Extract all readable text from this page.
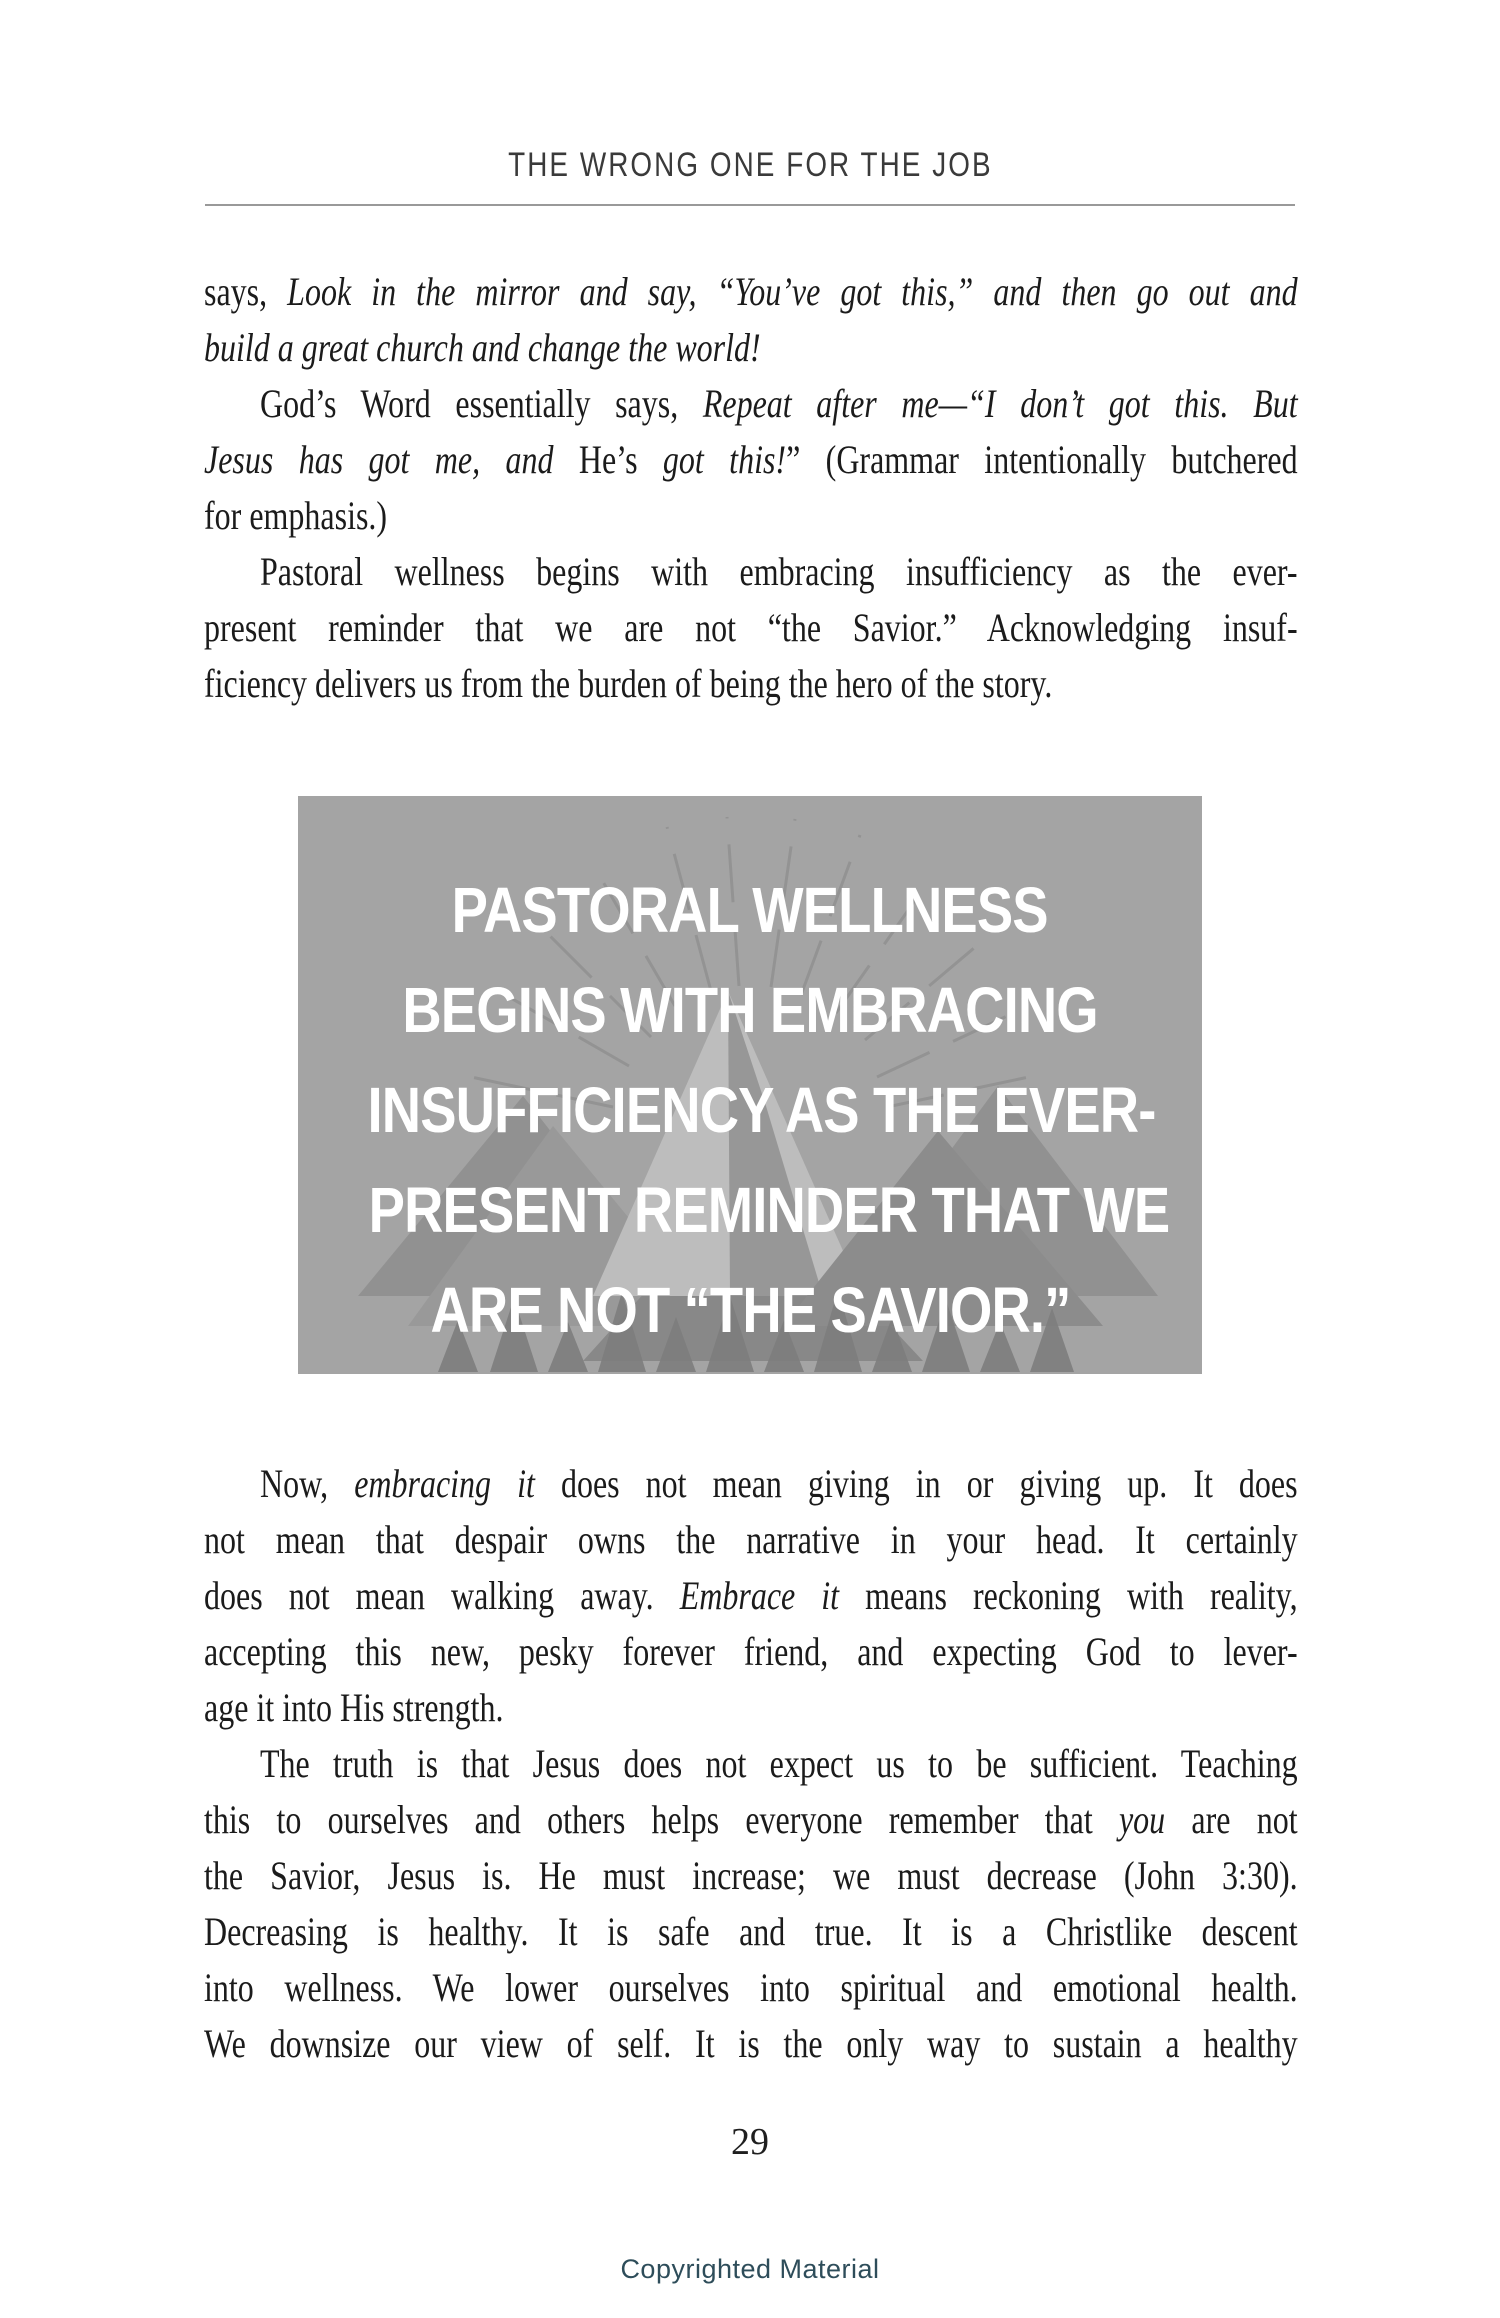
THE WRONG ONE FOR THE JOB
says, Look in the mirror and say, “You’ve got this,” and then go out and
build a great church and change the world!
God’s Word essentially says, Repeat after me—“I don’t got this. But
Jesus has got me, and He’s got this!” (Grammar intentionally butchered
for emphasis.)
Pastoral wellness begins with embracing insufficiency as the ever-
present reminder that we are not “the Savior.” Acknowledging insuf-
ficiency delivers us from the burden of being the hero of the story.
PASTORAL WELLNESS
BEGINS WITH EMBRACING
INSUFFICIENCY AS THE EVER-
PRESENT REMINDER THAT WE
ARE NOT “THE SAVIOR.”
Now, embracing it does not mean giving in or giving up. It does
not mean that despair owns the narrative in your head. It certainly
does not mean walking away. Embrace it means reckoning with reality,
accepting this new, pesky forever friend, and expecting God to lever-
age it into His strength.
The truth is that Jesus does not expect us to be sufficient. Teaching
this to ourselves and others helps everyone remember that you are not
the Savior, Jesus is. He must increase; we must decrease (John 3:30).
Decreasing is healthy. It is safe and true. It is a Christlike descent
into wellness. We lower ourselves into spiritual and emotional health.
We downsize our view of self. It is the only way to sustain a healthy
29
Copyrighted Material
